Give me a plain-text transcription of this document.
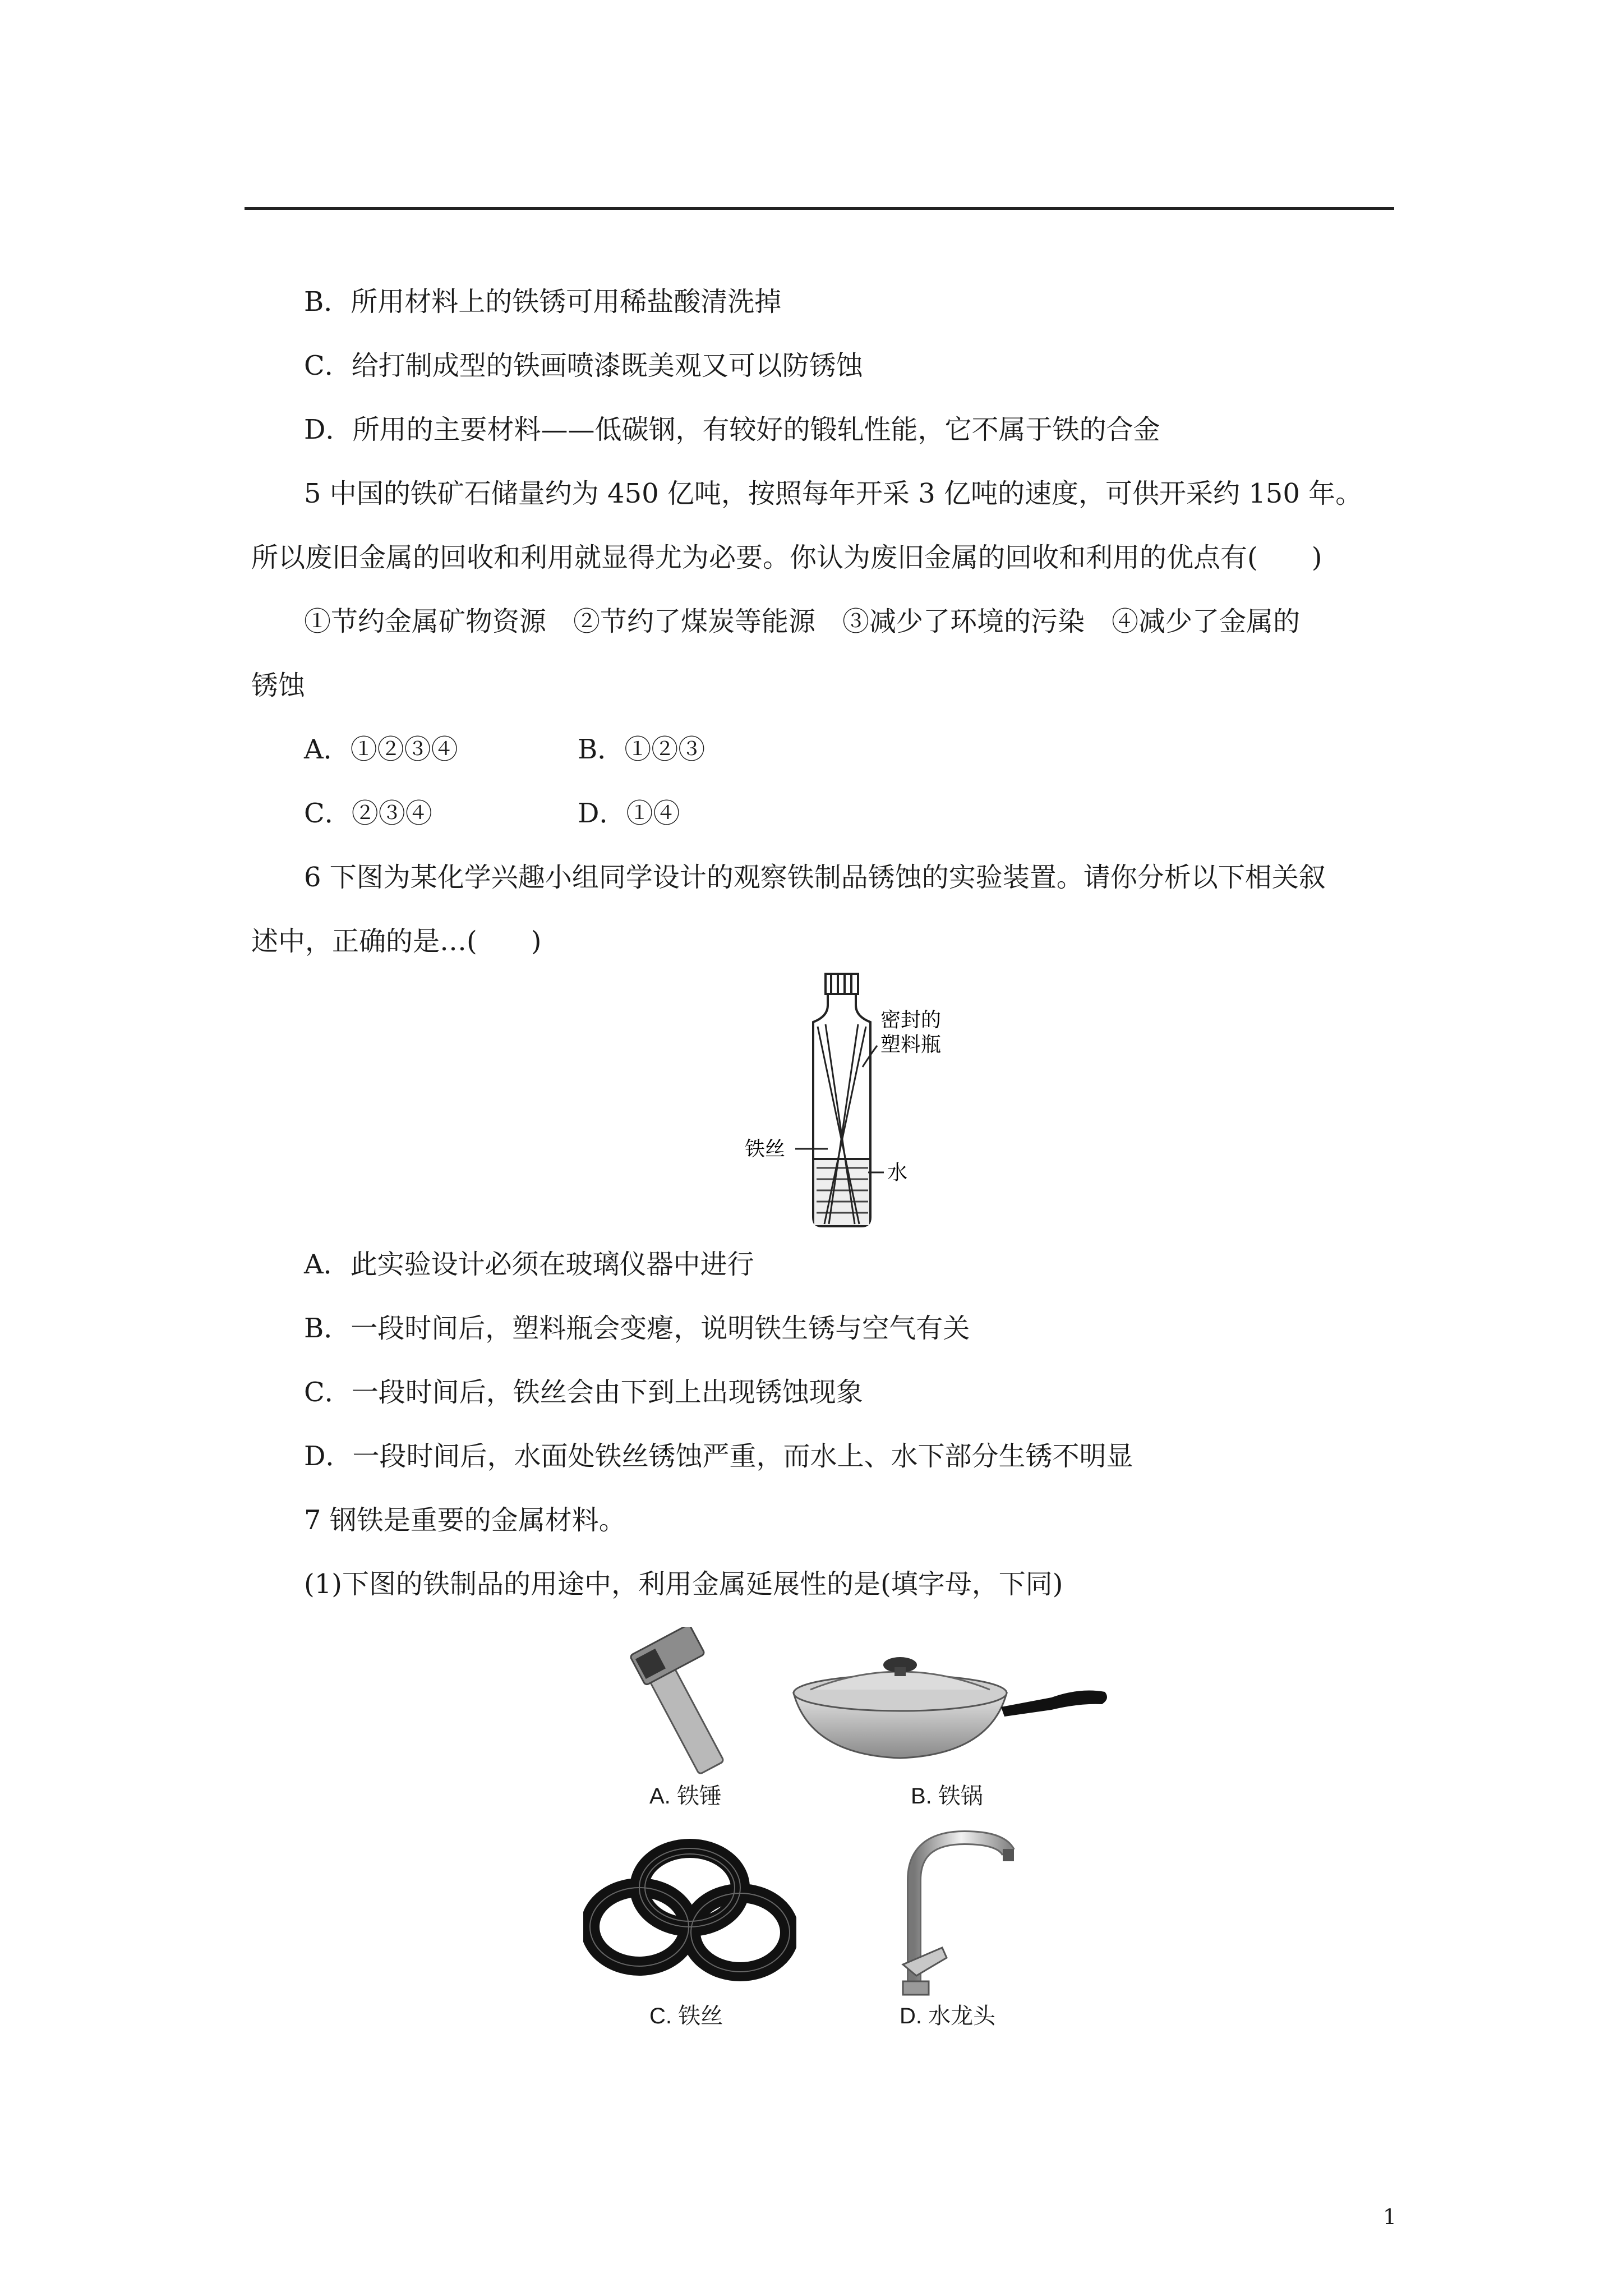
B．所用材料上的铁锈可用稀盐酸清洗掉
C．给打制成型的铁画喷漆既美观又可以防锈蚀
D．所用的主要材料——低碳钢，有较好的锻轧性能，它不属于铁的合金
5 中国的铁矿石储量约为 450 亿吨，按照每年开采 3 亿吨的速度，可供开采约 150 年。
所以废旧金属的回收和利用就显得尤为必要。你认为废旧金属的回收和利用的优点有(　　)
①节约金属矿物资源　②节约了煤炭等能源　③减少了环境的污染　④减少了金属的
锈蚀
A．①②③④	B．①②③
C．②③④	D．①④
6 下图为某化学兴趣小组同学设计的观察铁制品锈蚀的实验装置。请你分析以下相关叙
述中，正确的是…(　　)
密封的
塑料瓶
铁丝
水
A．此实验设计必须在玻璃仪器中进行
B．一段时间后，塑料瓶会变瘪，说明铁生锈与空气有关
C．一段时间后，铁丝会由下到上出现锈蚀现象
D．一段时间后，水面处铁丝锈蚀严重，而水上、水下部分生锈不明显
7 钢铁是重要的金属材料。
(1)下图的铁制品的用途中，利用金属延展性的是(填字母，下同)
A. 铁锤	B. 铁锅
C. 铁丝	D. 水龙头
1
